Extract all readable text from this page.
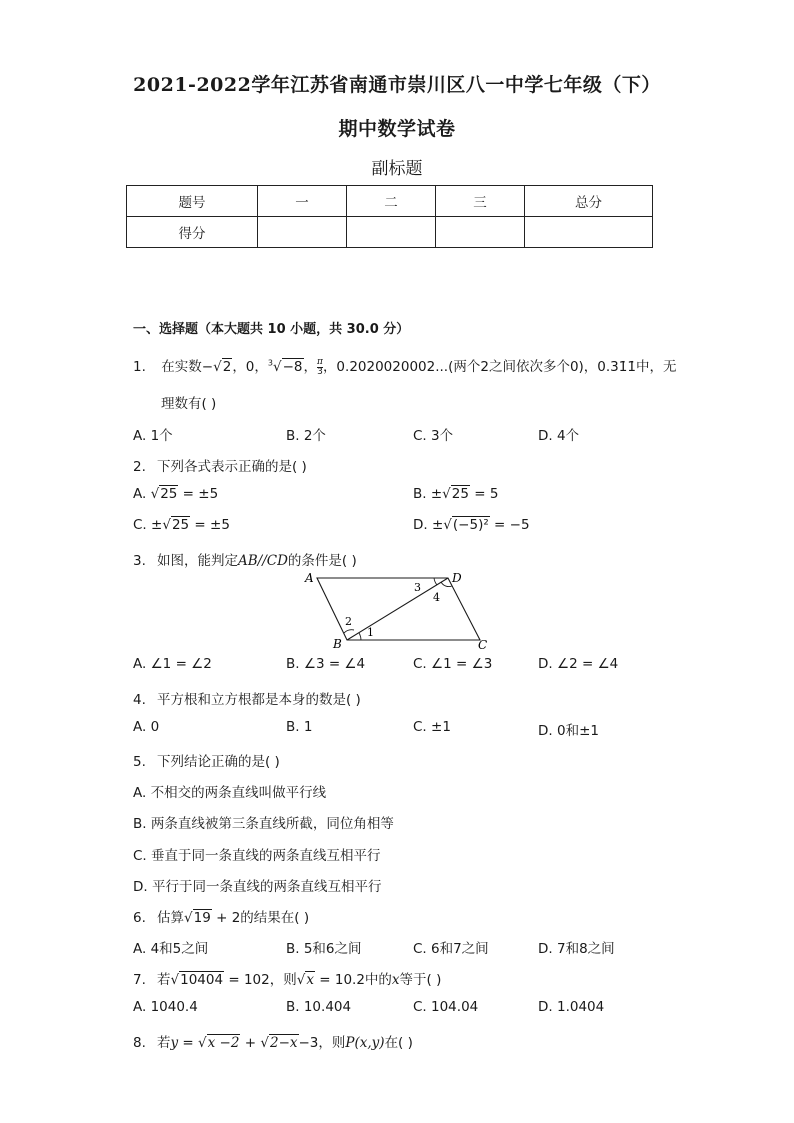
2021-2022学年江苏省南通市崇川区八一中学七年级（下）
期中数学试卷
副标题
题号	一	二	三	总分
得分				
一、选择题（本大题共 10 小题，共 30.0 分）
1. 在实数−√2，0，$^3$√−8， $\frac{\pi}{3}$ ，0.2020020002...(两个2之间依次多个0)，0.31̇1̇中，无
理数有( )
A. 1个	B. 2个	C. 3个	D. 4个
2. 下列各式表示正确的是( )
A. √25 = ±5	B. ±√25 = 5
C. ±√25 = ±5	D. ±√(−5)² = −5
3. 如图，能判定AB//CD的条件是( )
A	D
B	C
1
2
3
4
A. ∠1 = ∠2	B. ∠3 = ∠4	C. ∠1 = ∠3	D. ∠2 = ∠4
4. 平方根和立方根都是本身的数是( )
A. 0	B. 1	C. ±1	D. 0和±1
5. 下列结论正确的是( )
A. 不相交的两条直线叫做平行线
B. 两条直线被第三条直线所截，同位角相等
C. 垂直于同一条直线的两条直线互相平行
D. 平行于同一条直线的两条直线互相平行
6. 估算√19 + 2的结果在( )
A. 4和5之间	B. 5和6之间	C. 6和7之间	D. 7和8之间
7. 若√10404 = 102，则√x = 10.2中的x等于( )
A. 1040.4	B. 10.404	C. 104.04	D. 1.0404
8. 若y = √x −2 + √2−x−3，则P(x,y)在( )
